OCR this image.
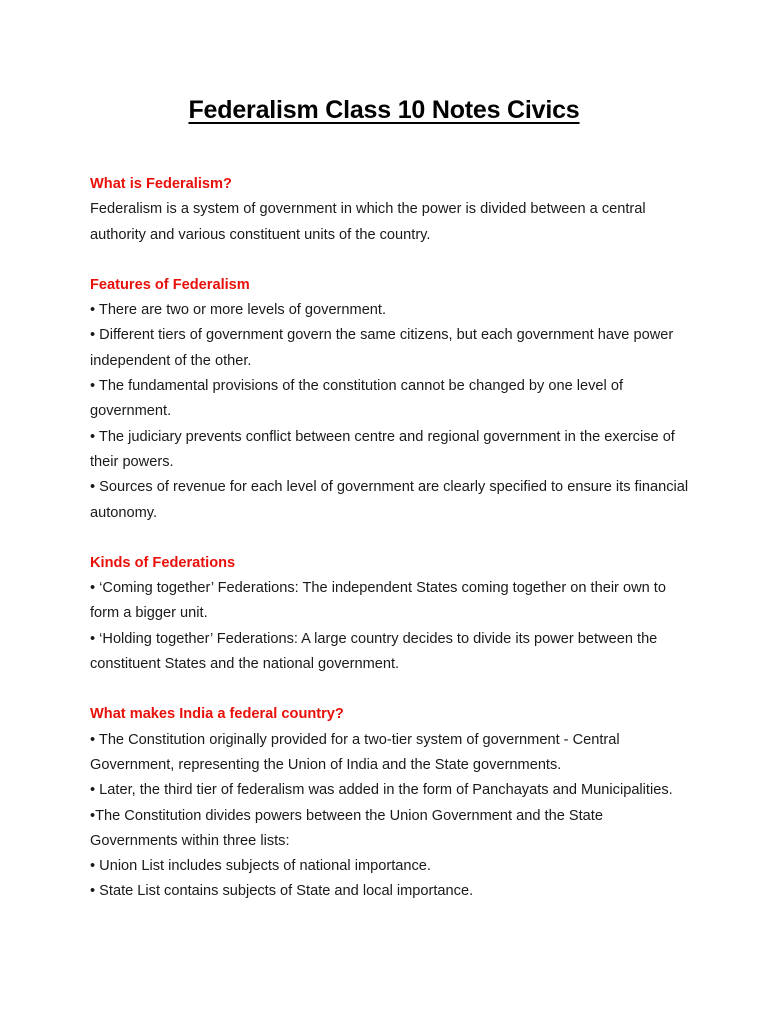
Federalism Class 10 Notes Civics

What is Federalism?

Federalism is a system of government in which the power is divided between a central authority and various constituent units of the country.

Features of Federalism

• There are two or more levels of government.

• Different tiers of government govern the same citizens, but each government have power independent of the other.

• The fundamental provisions of the constitution cannot be changed by one level of government.

• The judiciary prevents conflict between centre and regional government in the exercise of their powers.

• Sources of revenue for each level of government are clearly specified to ensure its financial autonomy.

Kinds of Federations

• ‘Coming together’ Federations: The independent States coming together on their own to form a bigger unit.

• ‘Holding together’ Federations: A large country decides to divide its power between the constituent States and the national government.

What makes India a federal country?

• The Constitution originally provided for a two-tier system of government - Central Government, representing the Union of India and the State governments.

• Later, the third tier of federalism was added in the form of Panchayats and Municipalities.

•The Constitution divides powers between the Union Government and the State Governments within three lists:

• Union List includes subjects of national importance.

• State List contains subjects of State and local importance.
